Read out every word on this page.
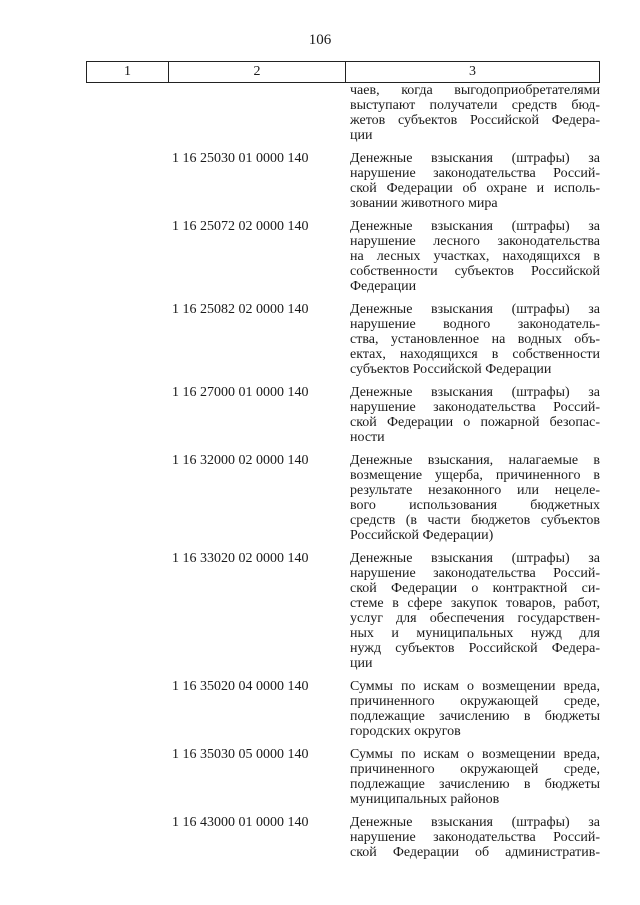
106
1	2	3
чаев, когда выгодоприобретателями
выступают получатели средств бюд-
жетов субъектов Российской Федера-
ции
1 16 25030 01 0000 140	Денежные взыскания (штрафы) за
нарушение законодательства Россий-
ской Федерации об охране и исполь-
зовании животного мира
1 16 25072 02 0000 140	Денежные взыскания (штрафы) за
нарушение лесного законодательства
на лесных участках, находящихся в
собственности субъектов Российской
Федерации
1 16 25082 02 0000 140	Денежные взыскания (штрафы) за
нарушение водного законодатель-
ства, установленное на водных объ-
ектах, находящихся в собственности
субъектов Российской Федерации
1 16 27000 01 0000 140	Денежные взыскания (штрафы) за
нарушение законодательства Россий-
ской Федерации о пожарной безопас-
ности
1 16 32000 02 0000 140	Денежные взыскания, налагаемые в
возмещение ущерба, причиненного в
результате незаконного или нецеле-
вого использования бюджетных
средств (в части бюджетов субъектов
Российской Федерации)
1 16 33020 02 0000 140	Денежные взыскания (штрафы) за
нарушение законодательства Россий-
ской Федерации о контрактной си-
стеме в сфере закупок товаров, работ,
услуг для обеспечения государствен-
ных и муниципальных нужд для
нужд субъектов Российской Федера-
ции
1 16 35020 04 0000 140	Суммы по искам о возмещении вреда,
причиненного окружающей среде,
подлежащие зачислению в бюджеты
городских округов
1 16 35030 05 0000 140	Суммы по искам о возмещении вреда,
причиненного окружающей среде,
подлежащие зачислению в бюджеты
муниципальных районов
1 16 43000 01 0000 140	Денежные взыскания (штрафы) за
нарушение законодательства Россий-
ской Федерации об административ-
